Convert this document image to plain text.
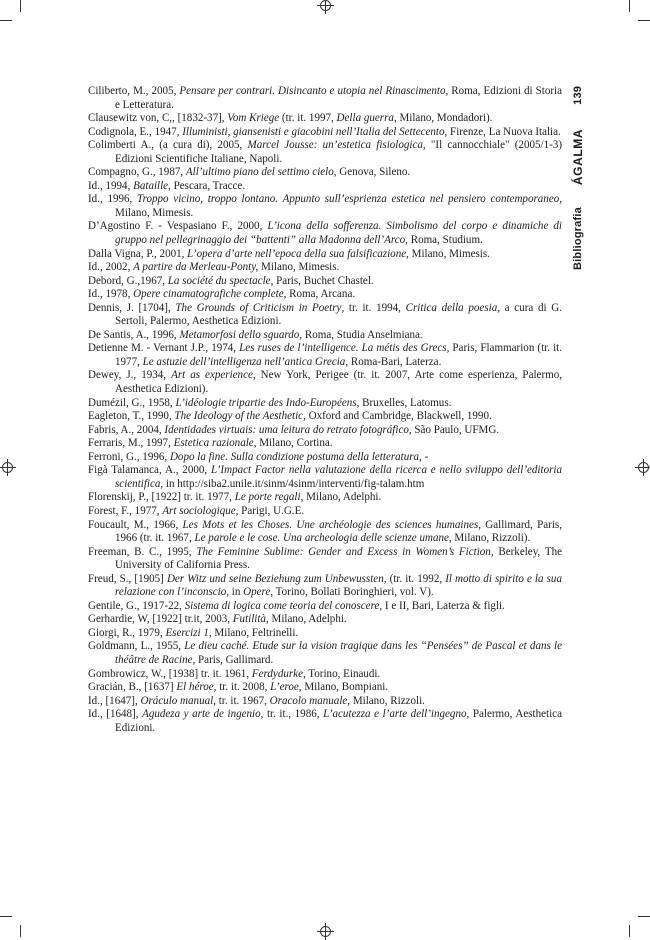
Bibliografia
ÁGALMA
139

Ciliberto, M., 2005, Pensare per contrari. Disincanto e utopia nel Rinascimento, Roma, Edizioni di Storia e Letteratura.

Clausewitz von, C,, [1832-37], Vom Kriege (tr. it. 1997, Della guerra, Milano, Mondadori).

Codignola, E., 1947, Illuministi, giansenisti e giacobini nell’Italia del Settecento, Firenze, La Nuova Italia.

Colimberti A., (a cura di), 2005, Marcel Jousse: un’estetica fisiologica, "Il cannocchiale" (2005/1-3) Edizioni Scientifiche Italiane, Napoli.

Compagno, G., 1987, All’ultimo piano del settimo cielo, Genova, Sileno.

Id., 1994, Bataille, Pescara, Tracce.

Id., 1996, Troppo vicino, troppo lontano. Appunto sull’esprienza estetica nel pensiero contemporaneo, Milano, Mimesis.

D’Agostino F. - Vespasiano F., 2000, L’icona della sofferenza. Simbolismo del corpo e dinamiche di gruppo nel pellegrinaggio dei “battenti” alla Madonna dell’Arco, Roma, Studium.

Dalla Vigna, P., 2001, L’opera d’arte nell’epoca della sua falsificazione, Milano, Mimesis.

Id., 2002, A partire da Merleau-Ponty, Milano, Mimesis.

Debord, G.,1967, La société du spectacle, Paris, Buchet Chastel.

Id., 1978, Opere cinamatografiche complete, Roma, Arcana.

Dennis, J. [1704], The Grounds of Criticism in Poetry, tr. it. 1994, Critica della poesia, a cura di G. Sertoli, Palermo, Aesthetica Edizioni.

De Santis, A., 1996, Metamorfosi dello sguardo, Roma, Studia Anselmiana.

Detienne M. - Vernant J.P., 1974, Les ruses de l’intelligence. La métis des Grecs, Paris, Flammarion (tr. it. 1977, Le astuzie dell’intelligenza nell’antica Grecia, Roma-Bari, Laterza.

Dewey, J., 1934, Art as experience, New York, Perigee (tr. it. 2007, Arte come esperienza, Palermo, Aesthetica Edizioni).

Dumézil, G., 1958, L’idéologie tripartie des Indo-Européens, Bruxelles, Latomus.

Eagleton, T., 1990, The Ideology of the Aesthetic, Oxford and Cambridge, Blackwell, 1990.

Fabris, A., 2004, Identidades virtuais: uma leitura do retrato fotográfico, São Paulo, UFMG.

Ferraris, M., 1997, Estetica razionale, Milano, Cortina.

Ferroni, G., 1996, Dopo la fine. Sulla condizione postuma della letteratura, -

Figà Talamanca, A., 2000, L’Impact Factor nella valutazione della ricerca e nello sviluppo dell’editoria scientifica, in http://siba2.unile.it/sinm/4sinm/interventi/fig-talam.htm

Florenskij, P., [1922] tr. it. 1977, Le porte regali, Milano, Adelphi.

Forest, F., 1977, Art sociologique, Parigi, U.G.E.

Foucault, M., 1966, Les Mots et les Choses. Une archéologie des sciences humaines, Gallimard, Paris, 1966 (tr. it. 1967, Le parole e le cose. Una archeologia delle scienze umane, Milano, Rizzoli).

Freeman, B. C., 1995, The Feminine Sublime: Gender and Excess in Women’s Fiction, Berkeley, The University of California Press.

Freud, S., [1905] Der Witz und seine Beziehung zum Unbewussten, (tr. it. 1992, Il motto di spirito e la sua relazione con l’inconscio, in Opere, Torino, Bollati Boringhieri, vol. V).

Gentile, G., 1917-22, Sistema di logica come teoria del conoscere, I e II, Bari, Laterza & figli.

Gerhardie, W, [1922] tr.it, 2003, Futilità, Milano, Adelphi.

Giorgi, R., 1979, Esercizi 1, Milano, Feltrinelli.

Goldmann, L., 1955, Le dieu caché. Etude sur la vision tragique dans les “Pensées” de Pascal et dans le théâtre de Racine, Paris, Gallimard.

Gombrowicz, W., [1938] tr. it. 1961, Ferdydurke, Torino, Einaudi.

Gracián, B., [1637] El héroe, tr. it. 2008, L’eroe, Milano, Bompiani.

Id., [1647], Oráculo manual, tr. it. 1967, Oracolo manuale, Milano, Rizzoli.

Id., [1648], Agudeza y arte de ingenio, tr. it., 1986, L’acutezza e l’arte dell’ingegno, Palermo, Aesthetica Edizioni.
